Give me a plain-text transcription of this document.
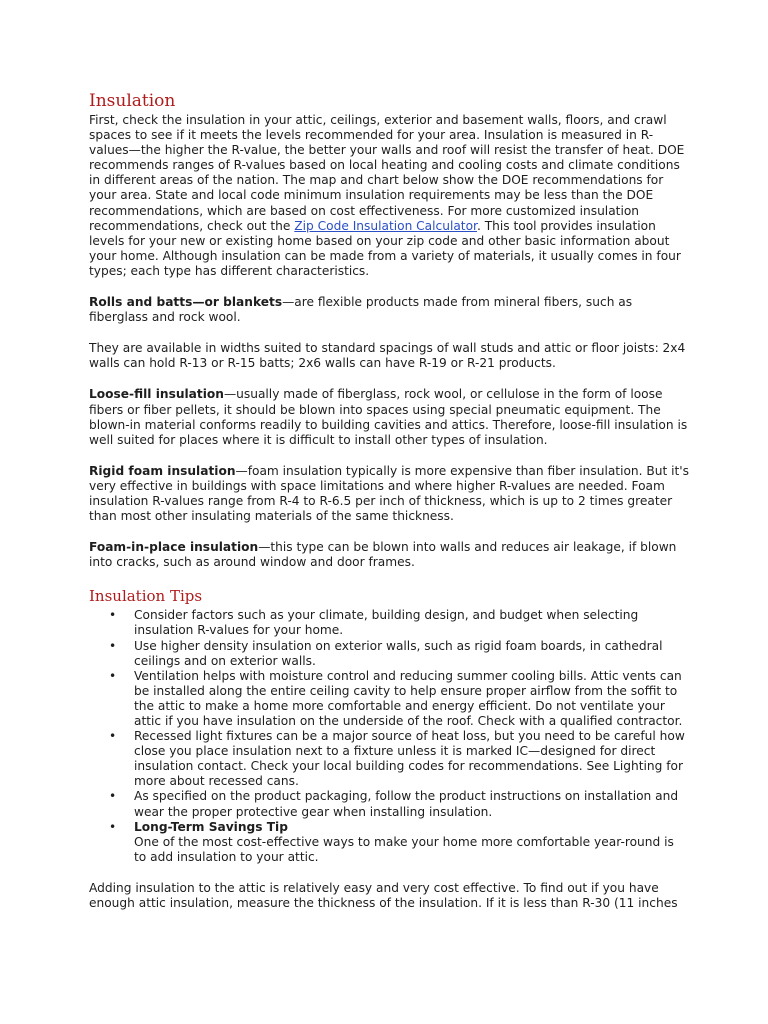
Insulation

First, check the insulation in your attic, ceilings, exterior and basement walls, floors, and crawl spaces to see if it meets the levels recommended for your area. Insulation is measured in R-values—the higher the R-value, the better your walls and roof will resist the transfer of heat. DOE recommends ranges of R-values based on local heating and cooling costs and climate conditions in different areas of the nation. The map and chart below show the DOE recommendations for your area. State and local code minimum insulation requirements may be less than the DOE recommendations, which are based on cost effectiveness. For more customized insulation recommendations, check out the Zip Code Insulation Calculator. This tool provides insulation levels for your new or existing home based on your zip code and other basic information about your home. Although insulation can be made from a variety of materials, it usually comes in four types; each type has different characteristics.

Rolls and batts—or blankets—are flexible products made from mineral fibers, such as fiberglass and rock wool.

They are available in widths suited to standard spacings of wall studs and attic or floor joists: 2x4 walls can hold R-13 or R-15 batts; 2x6 walls can have R-19 or R-21 products.

Loose-fill insulation—usually made of fiberglass, rock wool, or cellulose in the form of loose fibers or fiber pellets, it should be blown into spaces using special pneumatic equipment. The blown-in material conforms readily to building cavities and attics. Therefore, loose-fill insulation is well suited for places where it is difficult to install other types of insulation.

Rigid foam insulation—foam insulation typically is more expensive than fiber insulation. But it's very effective in buildings with space limitations and where higher R-values are needed. Foam insulation R-values range from R-4 to R-6.5 per inch of thickness, which is up to 2 times greater than most other insulating materials of the same thickness.

Foam-in-place insulation—this type can be blown into walls and reduces air leakage, if blown into cracks, such as around window and door frames.

Insulation Tips
• Consider factors such as your climate, building design, and budget when selecting insulation R-values for your home.
• Use higher density insulation on exterior walls, such as rigid foam boards, in cathedral ceilings and on exterior walls.
• Ventilation helps with moisture control and reducing summer cooling bills. Attic vents can be installed along the entire ceiling cavity to help ensure proper airflow from the soffit to the attic to make a home more comfortable and energy efficient. Do not ventilate your attic if you have insulation on the underside of the roof. Check with a qualified contractor.
• Recessed light fixtures can be a major source of heat loss, but you need to be careful how close you place insulation next to a fixture unless it is marked IC—designed for direct insulation contact. Check your local building codes for recommendations. See Lighting for more about recessed cans.
• As specified on the product packaging, follow the product instructions on installation and wear the proper protective gear when installing insulation.
• Long-Term Savings Tip
One of the most cost-effective ways to make your home more comfortable year-round is to add insulation to your attic.

Adding insulation to the attic is relatively easy and very cost effective. To find out if you have enough attic insulation, measure the thickness of the insulation. If it is less than R-30 (11 inches
